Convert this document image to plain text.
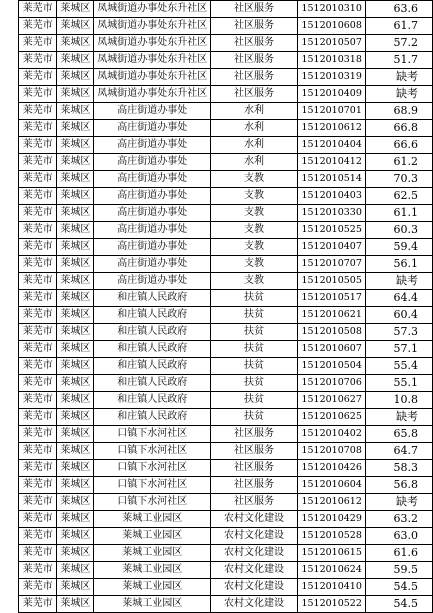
莱芜市	莱城区	凤城街道办事处东升社区	社区服务	1512010310	63.6
莱芜市	莱城区	凤城街道办事处东升社区	社区服务	1512010608	61.7
莱芜市	莱城区	凤城街道办事处东升社区	社区服务	1512010507	57.2
莱芜市	莱城区	凤城街道办事处东升社区	社区服务	1512010318	51.7
莱芜市	莱城区	凤城街道办事处东升社区	社区服务	1512010319	缺考
莱芜市	莱城区	凤城街道办事处东升社区	社区服务	1512010409	缺考
莱芜市	莱城区	高庄街道办事处	水利	1512010701	68.9
莱芜市	莱城区	高庄街道办事处	水利	1512010612	66.8
莱芜市	莱城区	高庄街道办事处	水利	1512010404	66.6
莱芜市	莱城区	高庄街道办事处	水利	1512010412	61.2
莱芜市	莱城区	高庄街道办事处	支教	1512010514	70.3
莱芜市	莱城区	高庄街道办事处	支教	1512010403	62.5
莱芜市	莱城区	高庄街道办事处	支教	1512010330	61.1
莱芜市	莱城区	高庄街道办事处	支教	1512010525	60.3
莱芜市	莱城区	高庄街道办事处	支教	1512010407	59.4
莱芜市	莱城区	高庄街道办事处	支教	1512010707	56.1
莱芜市	莱城区	高庄街道办事处	支教	1512010505	缺考
莱芜市	莱城区	和庄镇人民政府	扶贫	1512010517	64.4
莱芜市	莱城区	和庄镇人民政府	扶贫	1512010621	60.4
莱芜市	莱城区	和庄镇人民政府	扶贫	1512010508	57.3
莱芜市	莱城区	和庄镇人民政府	扶贫	1512010607	57.1
莱芜市	莱城区	和庄镇人民政府	扶贫	1512010504	55.4
莱芜市	莱城区	和庄镇人民政府	扶贫	1512010706	55.1
莱芜市	莱城区	和庄镇人民政府	扶贫	1512010627	10.8
莱芜市	莱城区	和庄镇人民政府	扶贫	1512010625	缺考
莱芜市	莱城区	口镇下水河社区	社区服务	1512010402	65.8
莱芜市	莱城区	口镇下水河社区	社区服务	1512010708	64.7
莱芜市	莱城区	口镇下水河社区	社区服务	1512010426	58.3
莱芜市	莱城区	口镇下水河社区	社区服务	1512010604	56.8
莱芜市	莱城区	口镇下水河社区	社区服务	1512010612	缺考
莱芜市	莱城区	莱城工业园区	农村文化建设	1512010429	63.2
莱芜市	莱城区	莱城工业园区	农村文化建设	1512010528	63.0
莱芜市	莱城区	莱城工业园区	农村文化建设	1512010615	61.6
莱芜市	莱城区	莱城工业园区	农村文化建设	1512010624	59.5
莱芜市	莱城区	莱城工业园区	农村文化建设	1512010410	54.5
莱芜市	莱城区	莱城工业园区	农村文化建设	1512010522	54.5
